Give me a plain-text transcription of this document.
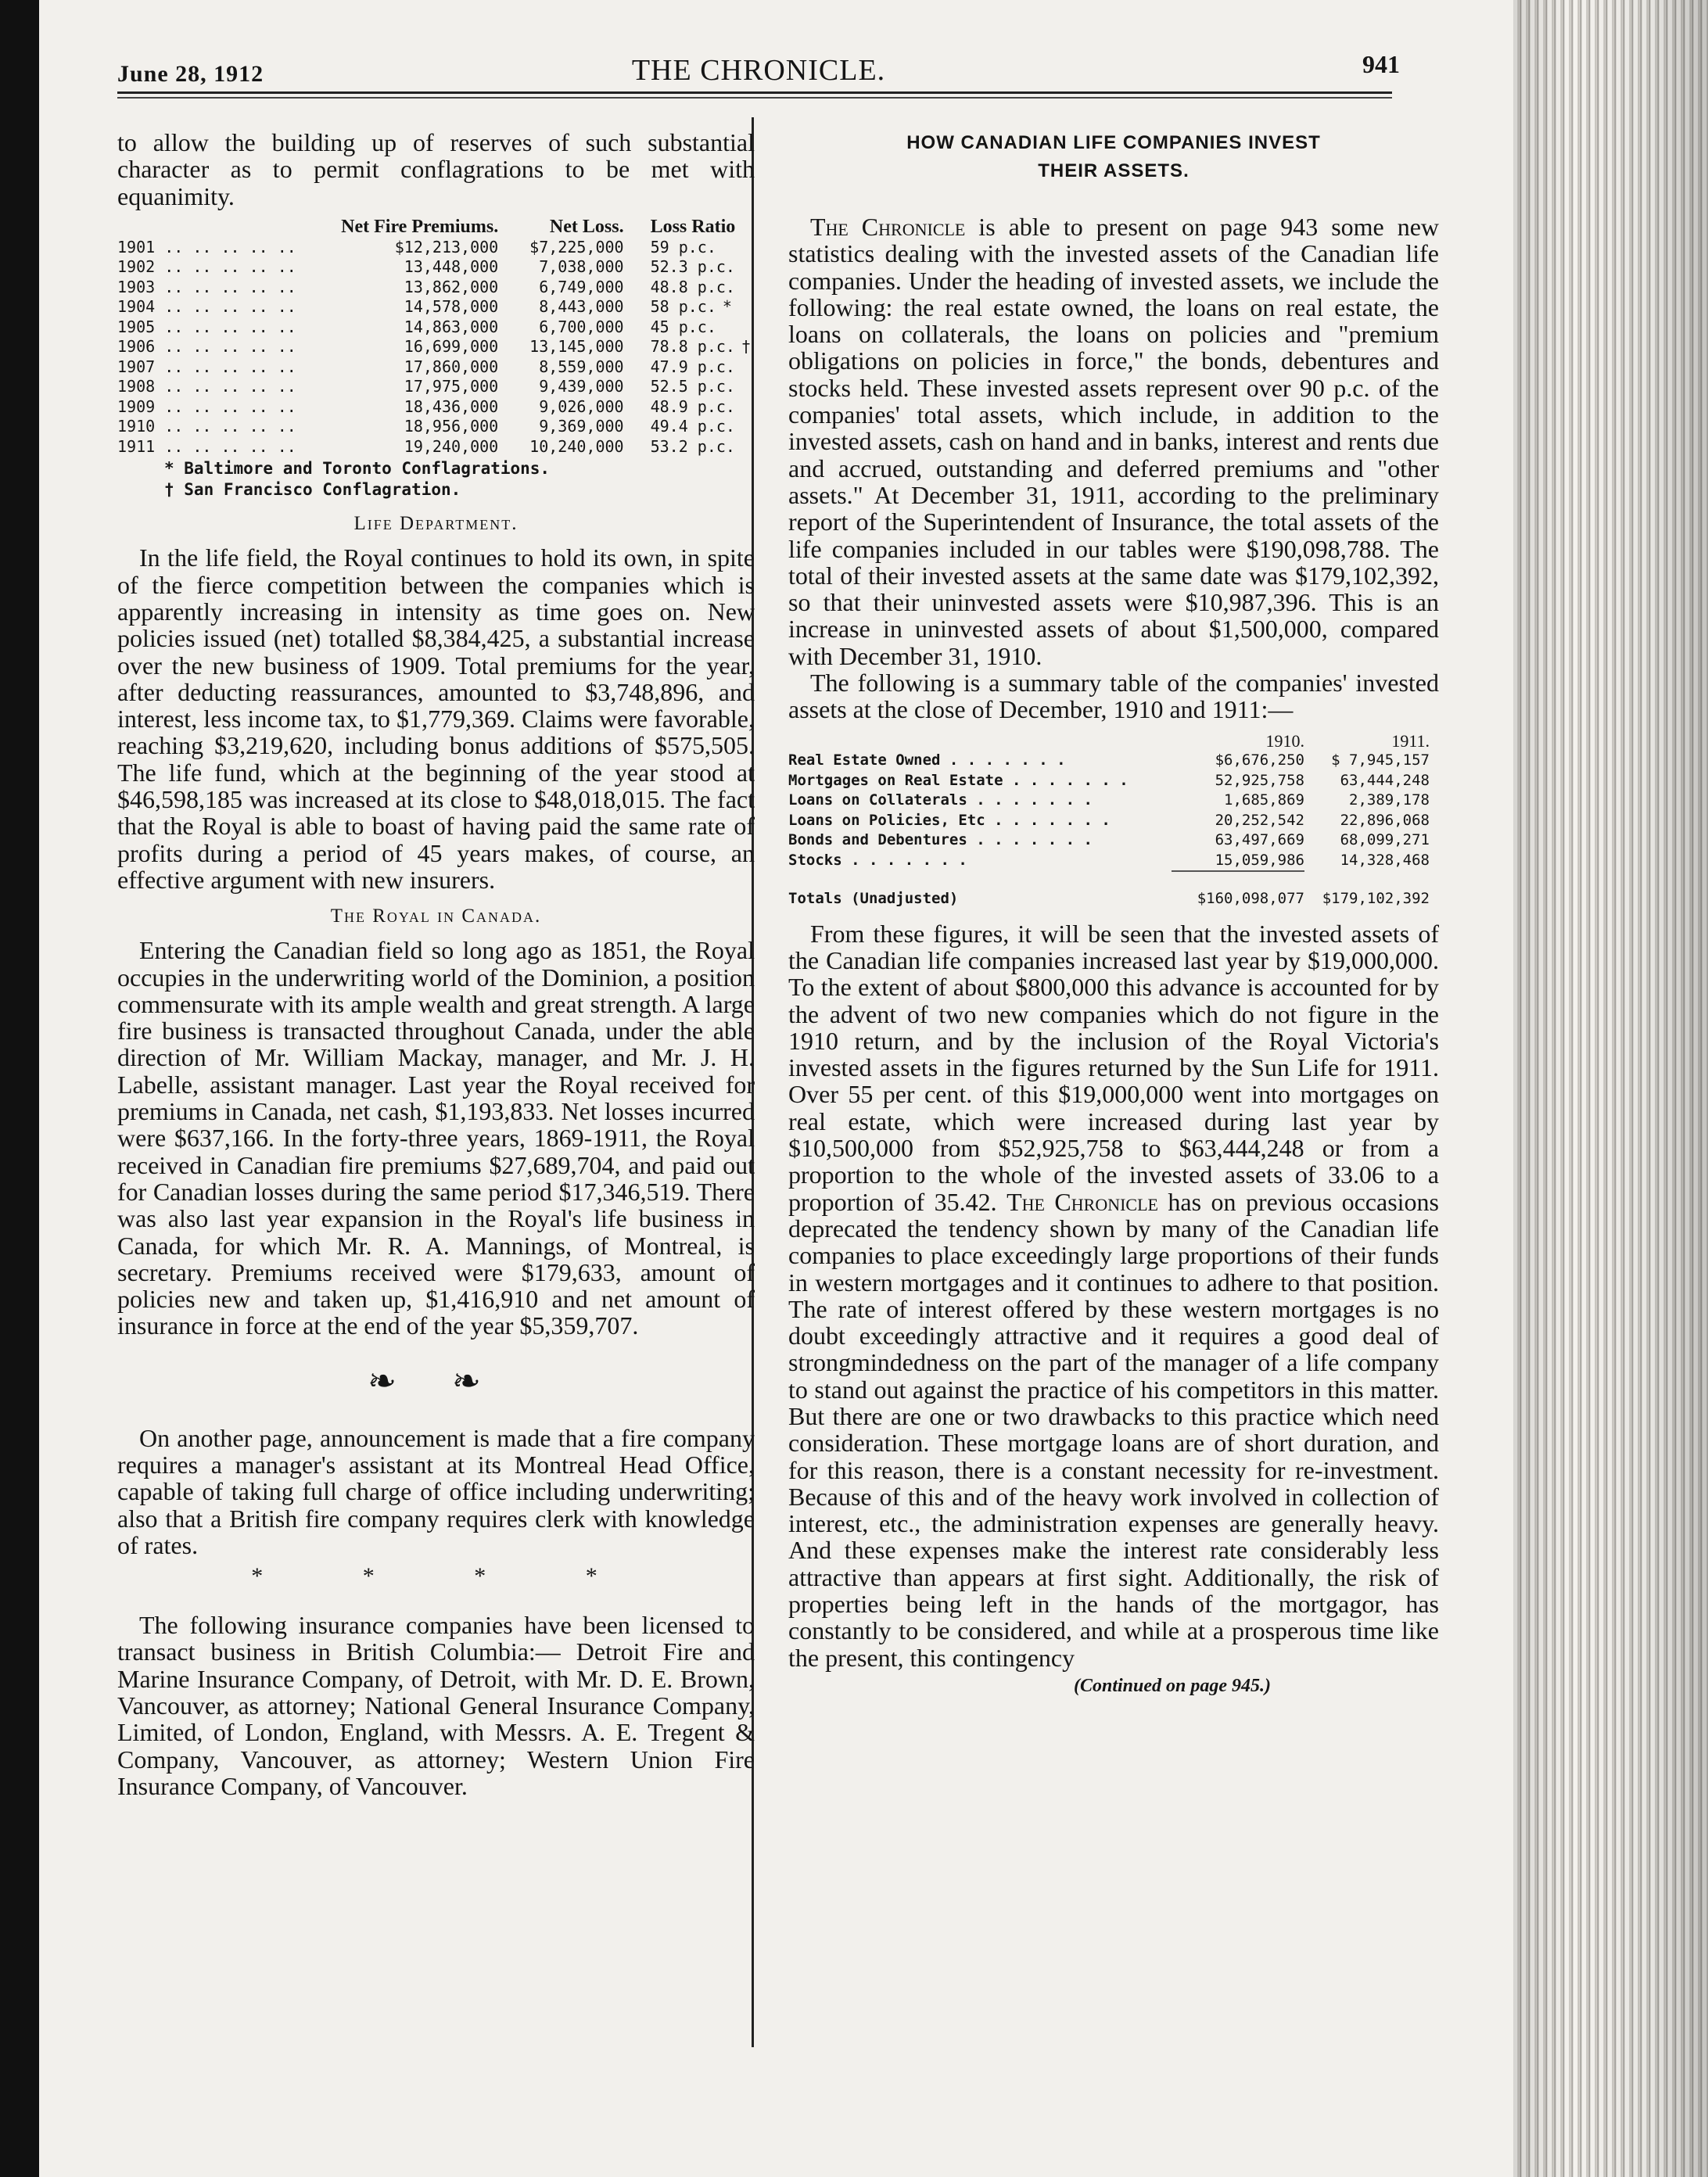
June 28, 1912	THE CHRONICLE.	941

to allow the building up of reserves of such substantial character as to permit conflagrations to be met with equanimity.

	Net Fire Premiums.	Net Loss.	Loss Ratio
1901 .. .. .. .. ..	$12,213,000	$7,225,000	59 p.c.
1902 .. .. .. .. ..	13,448,000	7,038,000	52.3 p.c.
1903 .. .. .. .. ..	13,862,000	6,749,000	48.8 p.c.
1904 .. .. .. .. ..	14,578,000	8,443,000	58 p.c. *
1905 .. .. .. .. ..	14,863,000	6,700,000	45 p.c.
1906 .. .. .. .. ..	16,699,000	13,145,000	78.8 p.c. †
1907 .. .. .. .. ..	17,860,000	8,559,000	47.9 p.c.
1908 .. .. .. .. ..	17,975,000	9,439,000	52.5 p.c.
1909 .. .. .. .. ..	18,436,000	9,026,000	48.9 p.c.
1910 .. .. .. .. ..	18,956,000	9,369,000	49.4 p.c.
1911 .. .. .. .. ..	19,240,000	10,240,000	53.2 p.c.
* Baltimore and Toronto Conflagrations.
† San Francisco Conflagration.
Life Department.

In the life field, the Royal continues to hold its own, in spite of the fierce competition between the companies which is apparently increasing in intensity as time goes on. New policies issued (net) totalled $8,384,425, a substantial increase over the new business of 1909. Total premiums for the year, after deducting reassurances, amounted to $3,748,896, and interest, less income tax, to $1,779,369. Claims were favorable, reaching $3,219,620, including bonus additions of $575,505. The life fund, which at the beginning of the year stood at $46,598,185 was increased at its close to $48,018,015. The fact that the Royal is able to boast of having paid the same rate of profits during a period of 45 years makes, of course, an effective argument with new insurers.

The Royal in Canada.

Entering the Canadian field so long ago as 1851, the Royal occupies in the underwriting world of the Dominion, a position commensurate with its ample wealth and great strength. A large fire business is transacted throughout Canada, under the able direction of Mr. William Mackay, manager, and Mr. J. H. Labelle, assistant manager. Last year the Royal received for premiums in Canada, net cash, $1,193,833. Net losses incurred were $637,166. In the forty-three years, 1869-1911, the Royal received in Canadian fire premiums $27,689,704, and paid out for Canadian losses during the same period $17,346,519. There was also last year expansion in the Royal's life business in Canada, for which Mr. R. A. Mannings, of Montreal, is secretary. Premiums received were $179,633, amount of policies new and taken up, $1,416,910 and net amount of insurance in force at the end of the year $5,359,707.

❧ ❧

On another page, announcement is made that a fire company requires a manager's assistant at its Montreal Head Office, capable of taking full charge of office including underwriting; also that a British fire company requires clerk with knowledge of rates.

* * * *

The following insurance companies have been licensed to transact business in British Columbia:— Detroit Fire and Marine Insurance Company, of Detroit, with Mr. D. E. Brown, Vancouver, as attorney; National General Insurance Company, Limited, of London, England, with Messrs. A. E. Tregent & Company, Vancouver, as attorney; Western Union Fire Insurance Company, of Vancouver.

HOW CANADIAN LIFE COMPANIES INVEST
THEIR ASSETS.

The Chronicle is able to present on page 943 some new statistics dealing with the invested assets of the Canadian life companies. Under the heading of invested assets, we include the following: the real estate owned, the loans on real estate, the loans on collaterals, the loans on policies and "premium obligations on policies in force," the bonds, debentures and stocks held. These invested assets represent over 90 p.c. of the companies' total assets, which include, in addition to the invested assets, cash on hand and in banks, interest and rents due and accrued, outstanding and deferred premiums and "other assets." At December 31, 1911, according to the preliminary report of the Superintendent of Insurance, the total assets of the life companies included in our tables were $190,098,788. The total of their invested assets at the same date was $179,102,392, so that their uninvested assets were $10,987,396. This is an increase in uninvested assets of about $1,500,000, compared with December 31, 1910.

The following is a summary table of the companies' invested assets at the close of December, 1910 and 1911:—

	1910.	1911.
Real Estate Owned . . . . . . .	$6,676,250	$ 7,945,157
Mortgages on Real Estate . . . . . . .	52,925,758	63,444,248
Loans on Collaterals . . . . . . .	1,685,869	2,389,178
Loans on Policies, Etc . . . . . . .	20,252,542	22,896,068
Bonds and Debentures . . . . . . .	63,497,669	68,099,271
Stocks . . . . . . .	15,059,986	14,328,468
Totals (Unadjusted)	$160,098,077	$179,102,392

From these figures, it will be seen that the invested assets of the Canadian life companies increased last year by $19,000,000. To the extent of about $800,000 this advance is accounted for by the advent of two new companies which do not figure in the 1910 return, and by the inclusion of the Royal Victoria's invested assets in the figures returned by the Sun Life for 1911. Over 55 per cent. of this $19,000,000 went into mortgages on real estate, which were increased during last year by $10,500,000 from $52,925,758 to $63,444,248 or from a proportion to the whole of the invested assets of 33.06 to a proportion of 35.42. The Chronicle has on previous occasions deprecated the tendency shown by many of the Canadian life companies to place exceedingly large proportions of their funds in western mortgages and it continues to adhere to that position. The rate of interest offered by these western mortgages is no doubt exceedingly attractive and it requires a good deal of strongmindedness on the part of the manager of a life company to stand out against the practice of his competitors in this matter. But there are one or two drawbacks to this practice which need consideration. These mortgage loans are of short duration, and for this reason, there is a constant necessity for re-investment. Because of this and of the heavy work involved in collection of interest, etc., the administration expenses are generally heavy. And these expenses make the interest rate considerably less attractive than appears at first sight. Additionally, the risk of properties being left in the hands of the mortgagor, has constantly to be considered, and while at a prosperous time like the present, this contingency

(Continued on page 945.)
